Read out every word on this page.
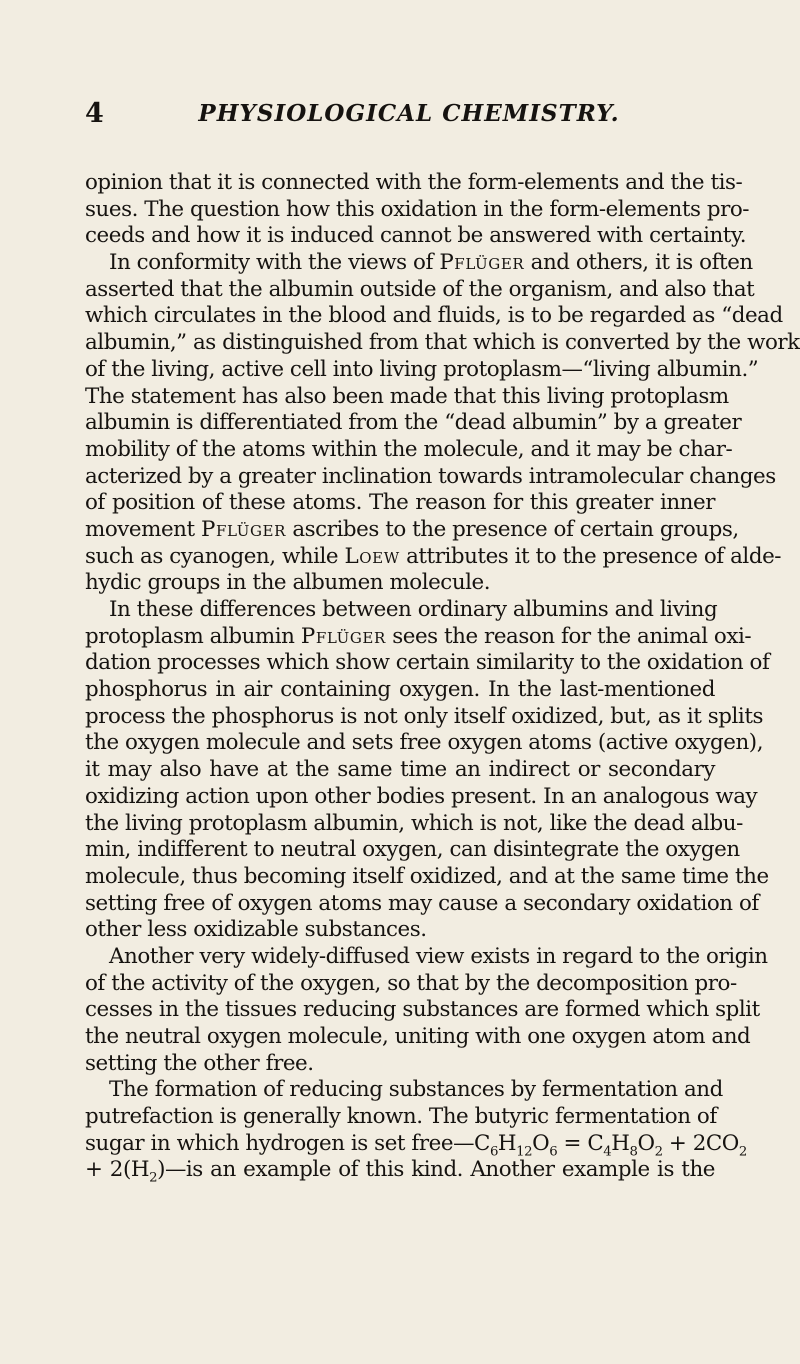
4	PHYSIOLOGICAL CHEMISTRY.
opinion that it is connected with the form-elements and the tis-
sues. The question how this oxidation in the form-elements pro-
ceeds and how it is induced cannot be answered with certainty.
In conformity with the views of Pflüger and others, it is often
asserted that the albumin outside of the organism, and also that
which circulates in the blood and fluids, is to be regarded as “dead
albumin,” as distinguished from that which is converted by the work
of the living, active cell into living protoplasm—“living albumin.”
The statement has also been made that this living protoplasm
albumin is differentiated from the “dead albumin” by a greater
mobility of the atoms within the molecule, and it may be char-
acterized by a greater inclination towards intramolecular changes
of position of these atoms. The reason for this greater inner
movement Pflüger ascribes to the presence of certain groups,
such as cyanogen, while Loew attributes it to the presence of alde-
hydic groups in the albumen molecule.
In these differences between ordinary albumins and living
protoplasm albumin Pflüger sees the reason for the animal oxi-
dation processes which show certain similarity to the oxidation of
phosphorus in air containing oxygen. In the last-mentioned
process the phosphorus is not only itself oxidized, but, as it splits
the oxygen molecule and sets free oxygen atoms (active oxygen),
it may also have at the same time an indirect or secondary
oxidizing action upon other bodies present. In an analogous way
the living protoplasm albumin, which is not, like the dead albu-
min, indifferent to neutral oxygen, can disintegrate the oxygen
molecule, thus becoming itself oxidized, and at the same time the
setting free of oxygen atoms may cause a secondary oxidation of
other less oxidizable substances.
Another very widely-diffused view exists in regard to the origin
of the activity of the oxygen, so that by the decomposition pro-
cesses in the tissues reducing substances are formed which split
the neutral oxygen molecule, uniting with one oxygen atom and
setting the other free.
The formation of reducing substances by fermentation and
putrefaction is generally known. The butyric fermentation of
sugar in which hydrogen is set $free—C_6H_{12}O_6 = C_4H_8O_2 + 2CO_2$
+ $2(H_2)—is$ an example of this kind. Another example is the
